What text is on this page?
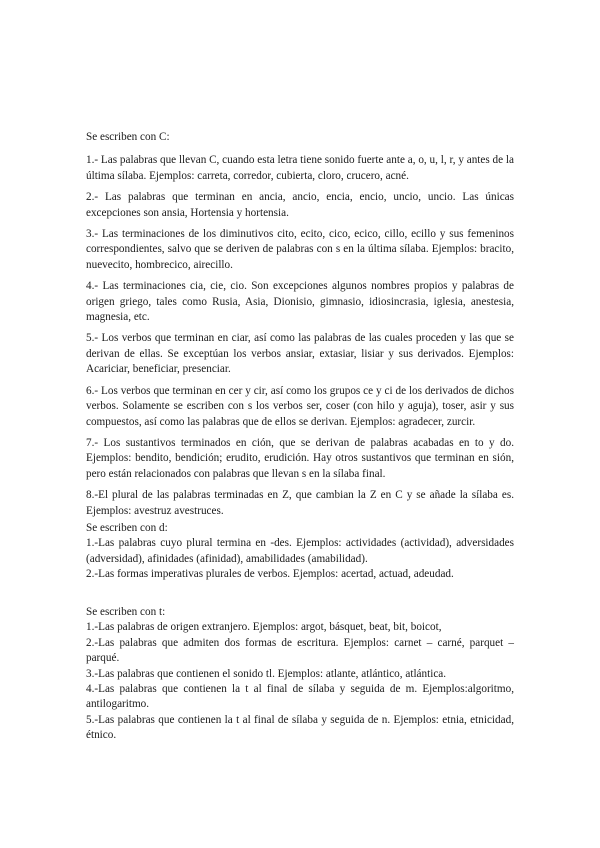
Se escriben con C:

1.- Las palabras que llevan C, cuando esta letra tiene sonido fuerte ante a, o, u, l, r, y antes de la última sílaba. Ejemplos: carreta, corredor, cubierta, cloro, crucero, acné.

2.- Las palabras que terminan en ancia, ancio, encia, encio, uncio, uncio. Las únicas excepciones son ansia, Hortensia y hortensia.

3.- Las terminaciones de los diminutivos cito, ecito, cico, ecico, cillo, ecillo y sus femeninos correspondientes, salvo que se deriven de palabras con s en la última sílaba. Ejemplos: bracito, nuevecito, hombrecico, airecillo.

4.- Las terminaciones cia, cie, cio. Son excepciones algunos nombres propios y palabras de origen griego, tales como Rusia, Asia, Dionisio, gimnasio, idiosincrasia, iglesia, anestesia, magnesia, etc.

5.- Los verbos que terminan en ciar, así como las palabras de las cuales proceden y las que se derivan de ellas. Se exceptúan los verbos ansiar, extasiar, lisiar y sus derivados. Ejemplos: Acariciar, beneficiar, presenciar.

6.- Los verbos que terminan en cer y cir, así como los grupos ce y ci de los derivados de dichos verbos. Solamente se escriben con s los verbos ser, coser (con hilo y aguja), toser, asir y sus compuestos, así como las palabras que de ellos se derivan. Ejemplos: agradecer, zurcir.

7.- Los sustantivos terminados en ción, que se derivan de palabras acabadas en to y do. Ejemplos: bendito, bendición; erudito, erudición. Hay otros sustantivos que terminan en sión, pero están relacionados con palabras que llevan s en la sílaba final.

8.-El plural de las palabras terminadas en Z, que cambian la Z en C y se añade la sílaba es. Ejemplos: avestruz avestruces.

Se escriben con d:

1.-Las palabras cuyo plural termina en -des. Ejemplos: actividades (actividad), adversidades (adversidad), afinidades (afinidad), amabilidades (amabilidad).

2.-Las formas imperativas plurales de verbos. Ejemplos: acertad, actuad, adeudad.

Se escriben con t:

1.-Las palabras de origen extranjero. Ejemplos: argot, básquet, beat, bit, boicot,

2.-Las palabras que admiten dos formas de escritura. Ejemplos: carnet – carné, parquet – parqué.

3.-Las palabras que contienen el sonido tl. Ejemplos: atlante, atlántico, atlántica.

4.-Las palabras que contienen la t al final de sílaba y seguida de m. Ejemplos:algoritmo, antilogaritmo.

5.-Las palabras que contienen la t al final de sílaba y seguida de n. Ejemplos: etnia, etnicidad, étnico.
